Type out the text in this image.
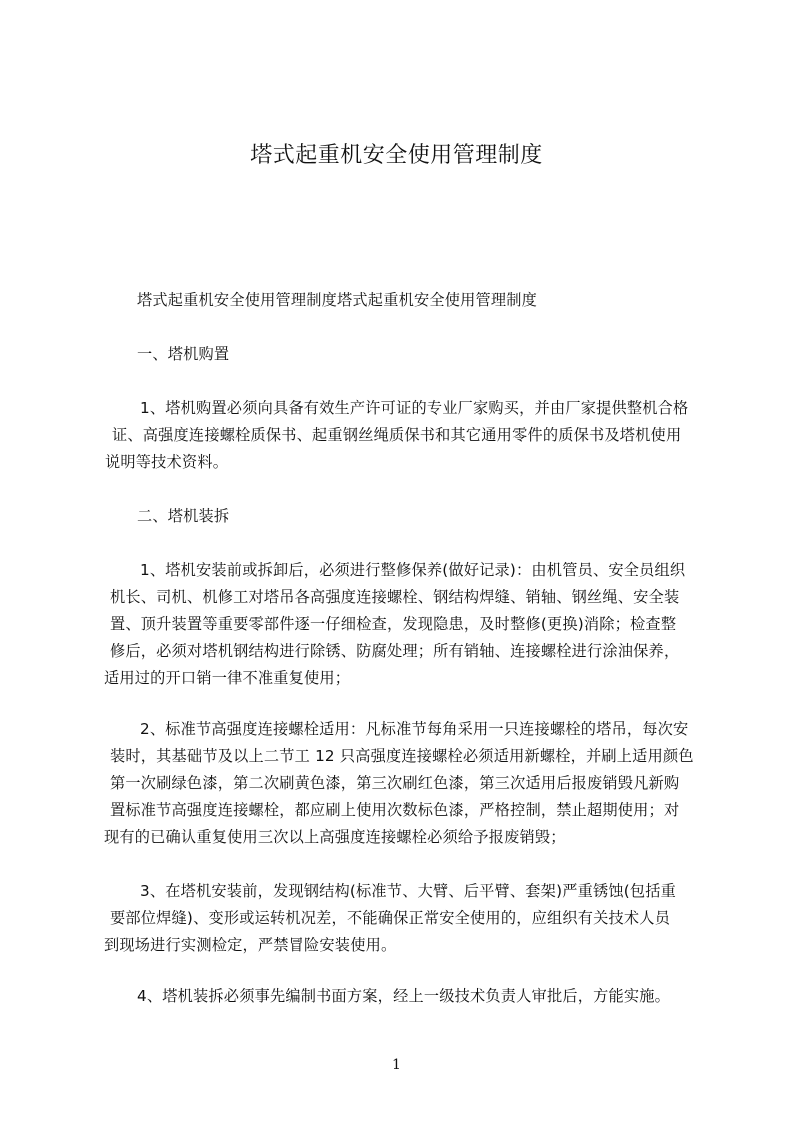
塔式起重机安全使用管理制度
塔式起重机安全使用管理制度塔式起重机安全使用管理制度
一、塔机购置
1、塔机购置必须向具备有效生产许可证的专业厂家购买，并由厂家提供整机合格
证、高强度连接螺栓质保书、起重钢丝绳质保书和其它通用零件的质保书及塔机使用
说明等技术资料。
二、塔机装拆
1、塔机安装前或拆卸后，必须进行整修保养(做好记录)：由机管员、安全员组织
机长、司机、机修工对塔吊各高强度连接螺栓、钢结构焊缝、销轴、钢丝绳、安全装
置、顶升装置等重要零部件逐一仔细检查，发现隐患，及时整修(更换)消除；检查整
修后，必须对塔机钢结构进行除锈、防腐处理；所有销轴、连接螺栓进行涂油保养，
适用过的开口销一律不准重复使用；
2、标准节高强度连接螺栓适用：凡标准节每角采用一只连接螺栓的塔吊，每次安
装时，其基础节及以上二节工 12 只高强度连接螺栓必须适用新螺栓，并刷上适用颜色
第一次刷绿色漆，第二次刷黄色漆，第三次刷红色漆，第三次适用后报废销毁凡新购
置标准节高强度连接螺栓，都应刷上使用次数标色漆，严格控制，禁止超期使用；对
现有的已确认重复使用三次以上高强度连接螺栓必须给予报废销毁；
3、在塔机安装前，发现钢结构(标准节、大臂、后平臂、套架)严重锈蚀(包括重
要部位焊缝)、变形或运转机况差，不能确保正常安全使用的，应组织有关技术人员
到现场进行实测检定，严禁冒险安装使用。
4、塔机装拆必须事先编制书面方案，经上一级技术负责人审批后，方能实施。
1
